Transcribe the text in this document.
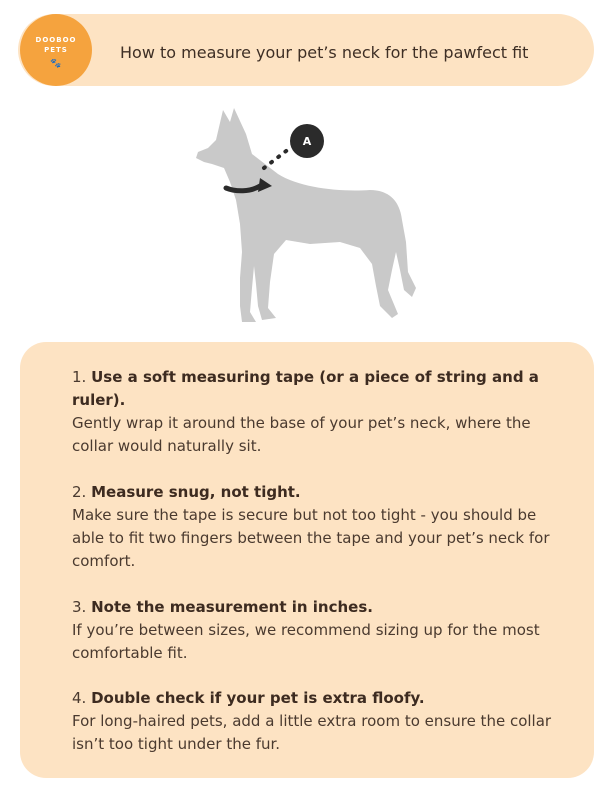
DOOBOO
PETS
🐾
How to measure your pet’s neck for the pawfect fit
A
1. Use a soft measuring tape (or a piece of string and a ruler).
Gently wrap it around the base of your pet’s neck, where the collar would naturally sit.
2. Measure snug, not tight.
Make sure the tape is secure but not too tight - you should be able to fit two fingers between the tape and your pet’s neck for comfort.
3. Note the measurement in inches.
If you’re between sizes, we recommend sizing up for the most comfortable fit.
4. Double check if your pet is extra floofy.
For long-haired pets, add a little extra room to ensure the collar isn’t too tight under the fur.
